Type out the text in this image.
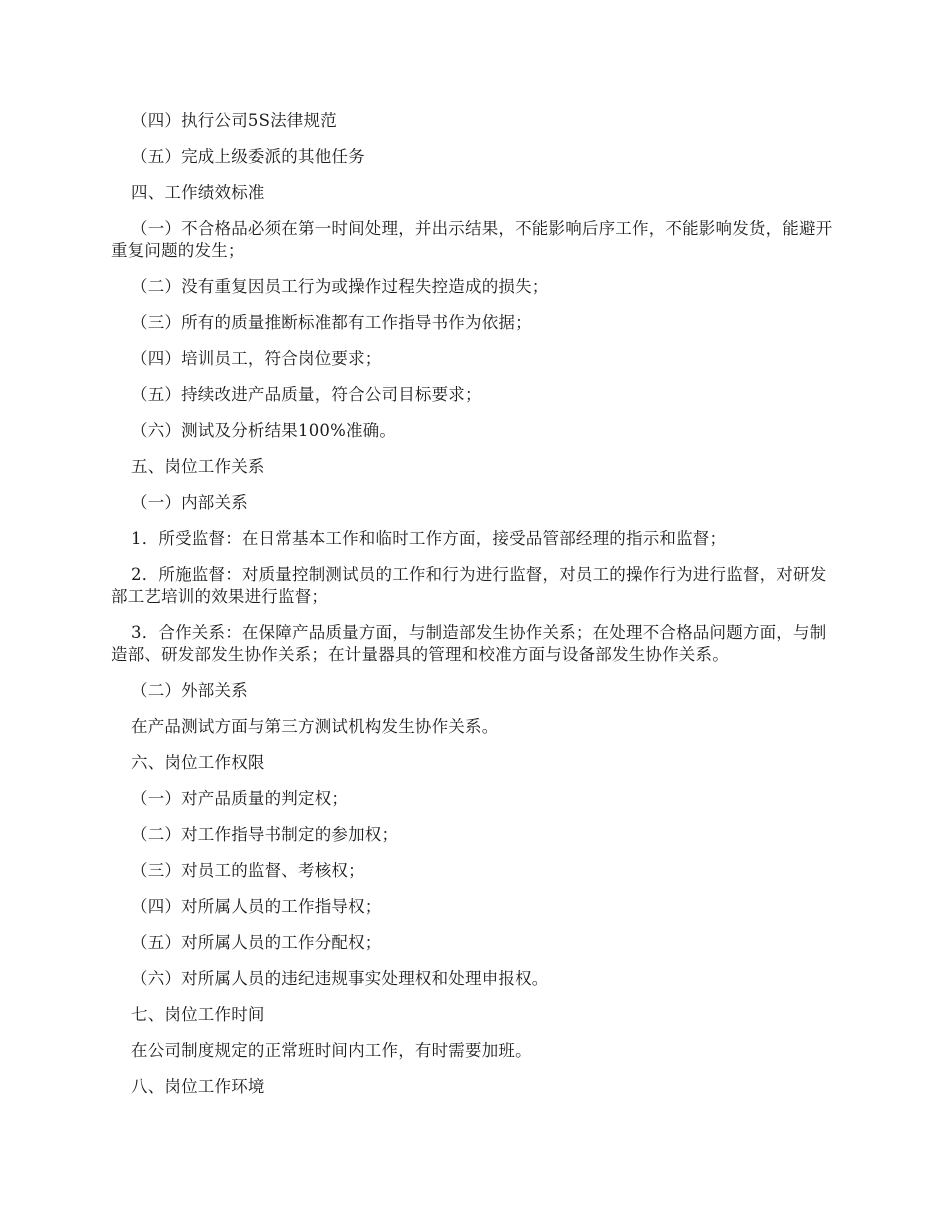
（四）执行公司5S法律规范

（五）完成上级委派的其他任务

四、工作绩效标准

（一）不合格品必须在第一时间处理，并出示结果，不能影响后序工作，不能影响发货，能避开重复问题的发生；

（二）没有重复因员工行为或操作过程失控造成的损失；

（三）所有的质量推断标准都有工作指导书作为依据；

（四）培训员工，符合岗位要求；

（五）持续改进产品质量，符合公司目标要求；

（六）测试及分析结果100%准确。

五、岗位工作关系

（一）内部关系

1．所受监督：在日常基本工作和临时工作方面，接受品管部经理的指示和监督；

2．所施监督：对质量控制测试员的工作和行为进行监督，对员工的操作行为进行监督，对研发部工艺培训的效果进行监督；

3．合作关系：在保障产品质量方面，与制造部发生协作关系；在处理不合格品问题方面，与制造部、研发部发生协作关系；在计量器具的管理和校准方面与设备部发生协作关系。

（二）外部关系

在产品测试方面与第三方测试机构发生协作关系。

六、岗位工作权限

（一）对产品质量的判定权；

（二）对工作指导书制定的参加权；

（三）对员工的监督、考核权；

（四）对所属人员的工作指导权；

（五）对所属人员的工作分配权；

（六）对所属人员的违纪违规事实处理权和处理申报权。

七、岗位工作时间

在公司制度规定的正常班时间内工作，有时需要加班。

八、岗位工作环境
